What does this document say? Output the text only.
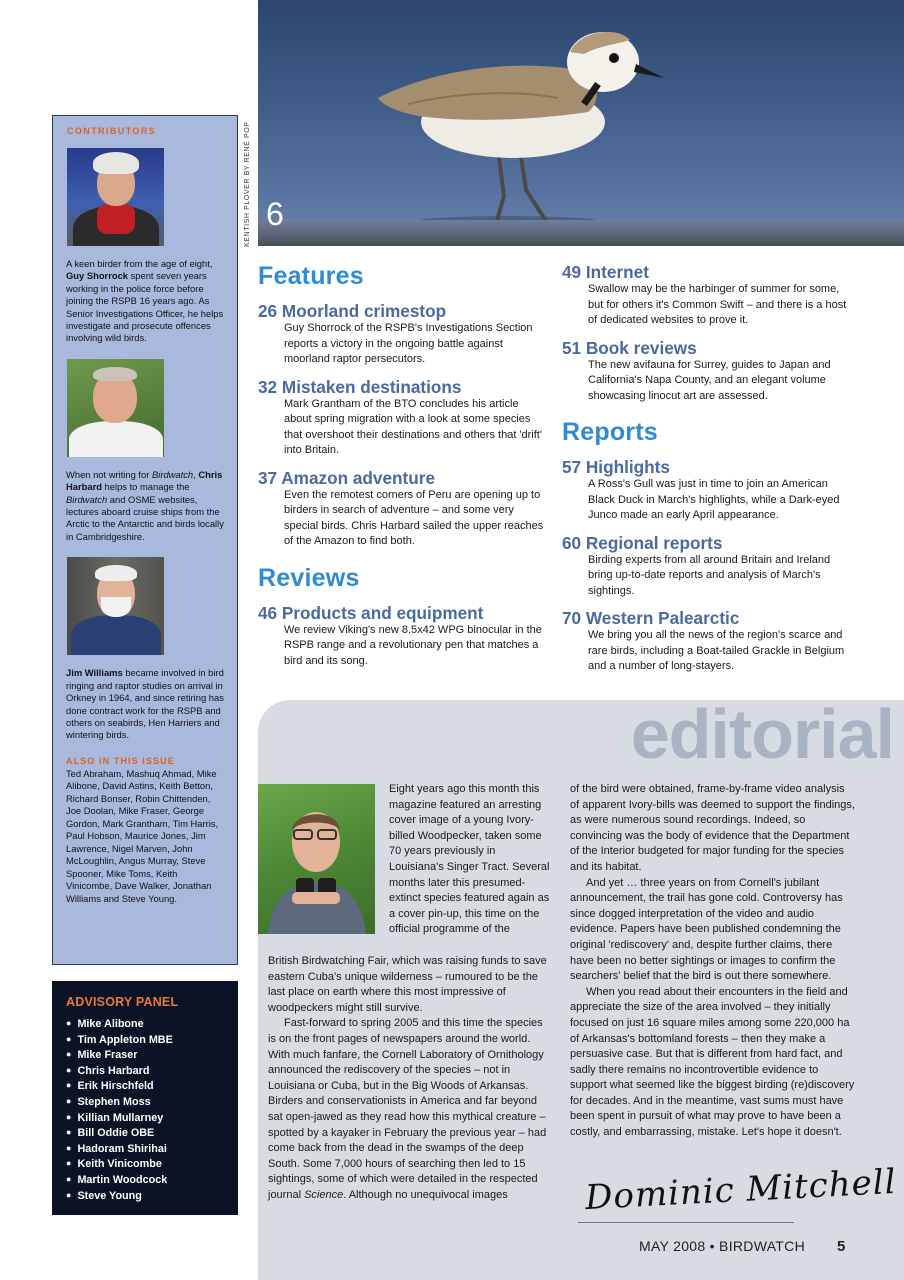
6
KENTISH PLOVER BY RENÉ POP
CONTRIBUTORS
A keen birder from the age of eight, Guy Shorrock spent seven years working in the police force before joining the RSPB 16 years ago. As Senior Investigations Officer, he helps investigate and prosecute offences involving wild birds.
When not writing for Birdwatch, Chris Harbard helps to manage the Birdwatch and OSME websites, lectures aboard cruise ships from the Arctic to the Antarctic and birds locally in Cambridgeshire.
Jim Williams became involved in bird ringing and raptor studies on arrival in Orkney in 1964, and since retiring has done contract work for the RSPB and others on seabirds, Hen Harriers and wintering birds.
ALSO IN THIS ISSUE
Ted Abraham, Mashuq Ahmad, Mike Alibone, David Astins, Keith Betton, Richard Bonser, Robin Chittenden, Joe Doolan, Mike Fraser, George Gordon, Mark Grantham, Tim Harris, Paul Hobson, Maurice Jones, Jim Lawrence, Nigel Marven, John McLoughlin, Angus Murray, Steve Spooner, Mike Toms, Keith Vinicombe, Dave Walker, Jonathan Williams and Steve Young.
ADVISORY PANEL
● Mike Alibone
● Tim Appleton MBE
● Mike Fraser
● Chris Harbard
● Erik Hirschfeld
● Stephen Moss
● Killian Mullarney
● Bill Oddie OBE
● Hadoram Shirihai
● Keith Vinicombe
● Martin Woodcock
● Steve Young
Features
26 Moorland crimestop
Guy Shorrock of the RSPB's Investigations Section reports a victory in the ongoing battle against moorland raptor persecutors.
32 Mistaken destinations
Mark Grantham of the BTO concludes his article about spring migration with a look at some species that overshoot their destinations and others that 'drift' into Britain.
37 Amazon adventure
Even the remotest corners of Peru are opening up to birders in search of adventure – and some very special birds. Chris Harbard sailed the upper reaches of the Amazon to find both.
Reviews
46 Products and equipment
We review Viking's new 8.5x42 WPG binocular in the RSPB range and a revolutionary pen that matches a bird and its song.
49 Internet
Swallow may be the harbinger of summer for some, but for others it's Common Swift – and there is a host of dedicated websites to prove it.
51 Book reviews
The new avifauna for Surrey, guides to Japan and California's Napa County, and an elegant volume showcasing linocut art are assessed.
Reports
57 Highlights
A Ross's Gull was just in time to join an American Black Duck in March's highlights, while a Dark-eyed Junco made an early April appearance.
60 Regional reports
Birding experts from all around Britain and Ireland bring up-to-date reports and analysis of March's sightings.
70 Western Palearctic
We bring you all the news of the region's scarce and rare birds, including a Boat-tailed Grackle in Belgium and a number of long-stayers.
editorial

Eight years ago this month this magazine featured an arresting cover image of a young Ivory-billed Woodpecker, taken some 70 years previously in Louisiana's Singer Tract. Several months later this presumed-extinct species featured again as a cover pin-up, this time on the official programme of the

British Birdwatching Fair, which was raising funds to save eastern Cuba's unique wilderness – rumoured to be the last place on earth where this most impressive of woodpeckers might still survive.

Fast-forward to spring 2005 and this time the species is on the front pages of newspapers around the world. With much fanfare, the Cornell Laboratory of Ornithology announced the rediscovery of the species – not in Louisiana or Cuba, but in the Big Woods of Arkansas. Birders and conservationists in America and far beyond sat open-jawed as they read how this mythical creature – spotted by a kayaker in February the previous year – had come back from the dead in the swamps of the deep South. Some 7,000 hours of searching then led to 15 sightings, some of which were detailed in the respected journal Science. Although no unequivocal images

of the bird were obtained, frame-by-frame video analysis of apparent Ivory-bills was deemed to support the findings, as were numerous sound recordings. Indeed, so convincing was the body of evidence that the Department of the Interior budgeted for major funding for the species and its habitat.

And yet … three years on from Cornell's jubilant announcement, the trail has gone cold. Controversy has since dogged interpretation of the video and audio evidence. Papers have been published condemning the original 'rediscovery' and, despite further claims, there have been no better sightings or images to confirm the searchers' belief that the bird is out there somewhere.

When you read about their encounters in the field and appreciate the size of the area involved – they initially focused on just 16 square miles among some 220,000 ha of Arkansas's bottomland forests – then they make a persuasive case. But that is different from hard fact, and sadly there remains no incontrovertible evidence to support what seemed like the biggest birding (re)discovery for decades. And in the meantime, vast sums must have been spent in pursuit of what may prove to have been a costly, and embarrassing, mistake. Let's hope it doesn't.

Dominic Mitchell
MAY 2008 • BIRDWATCH 5
